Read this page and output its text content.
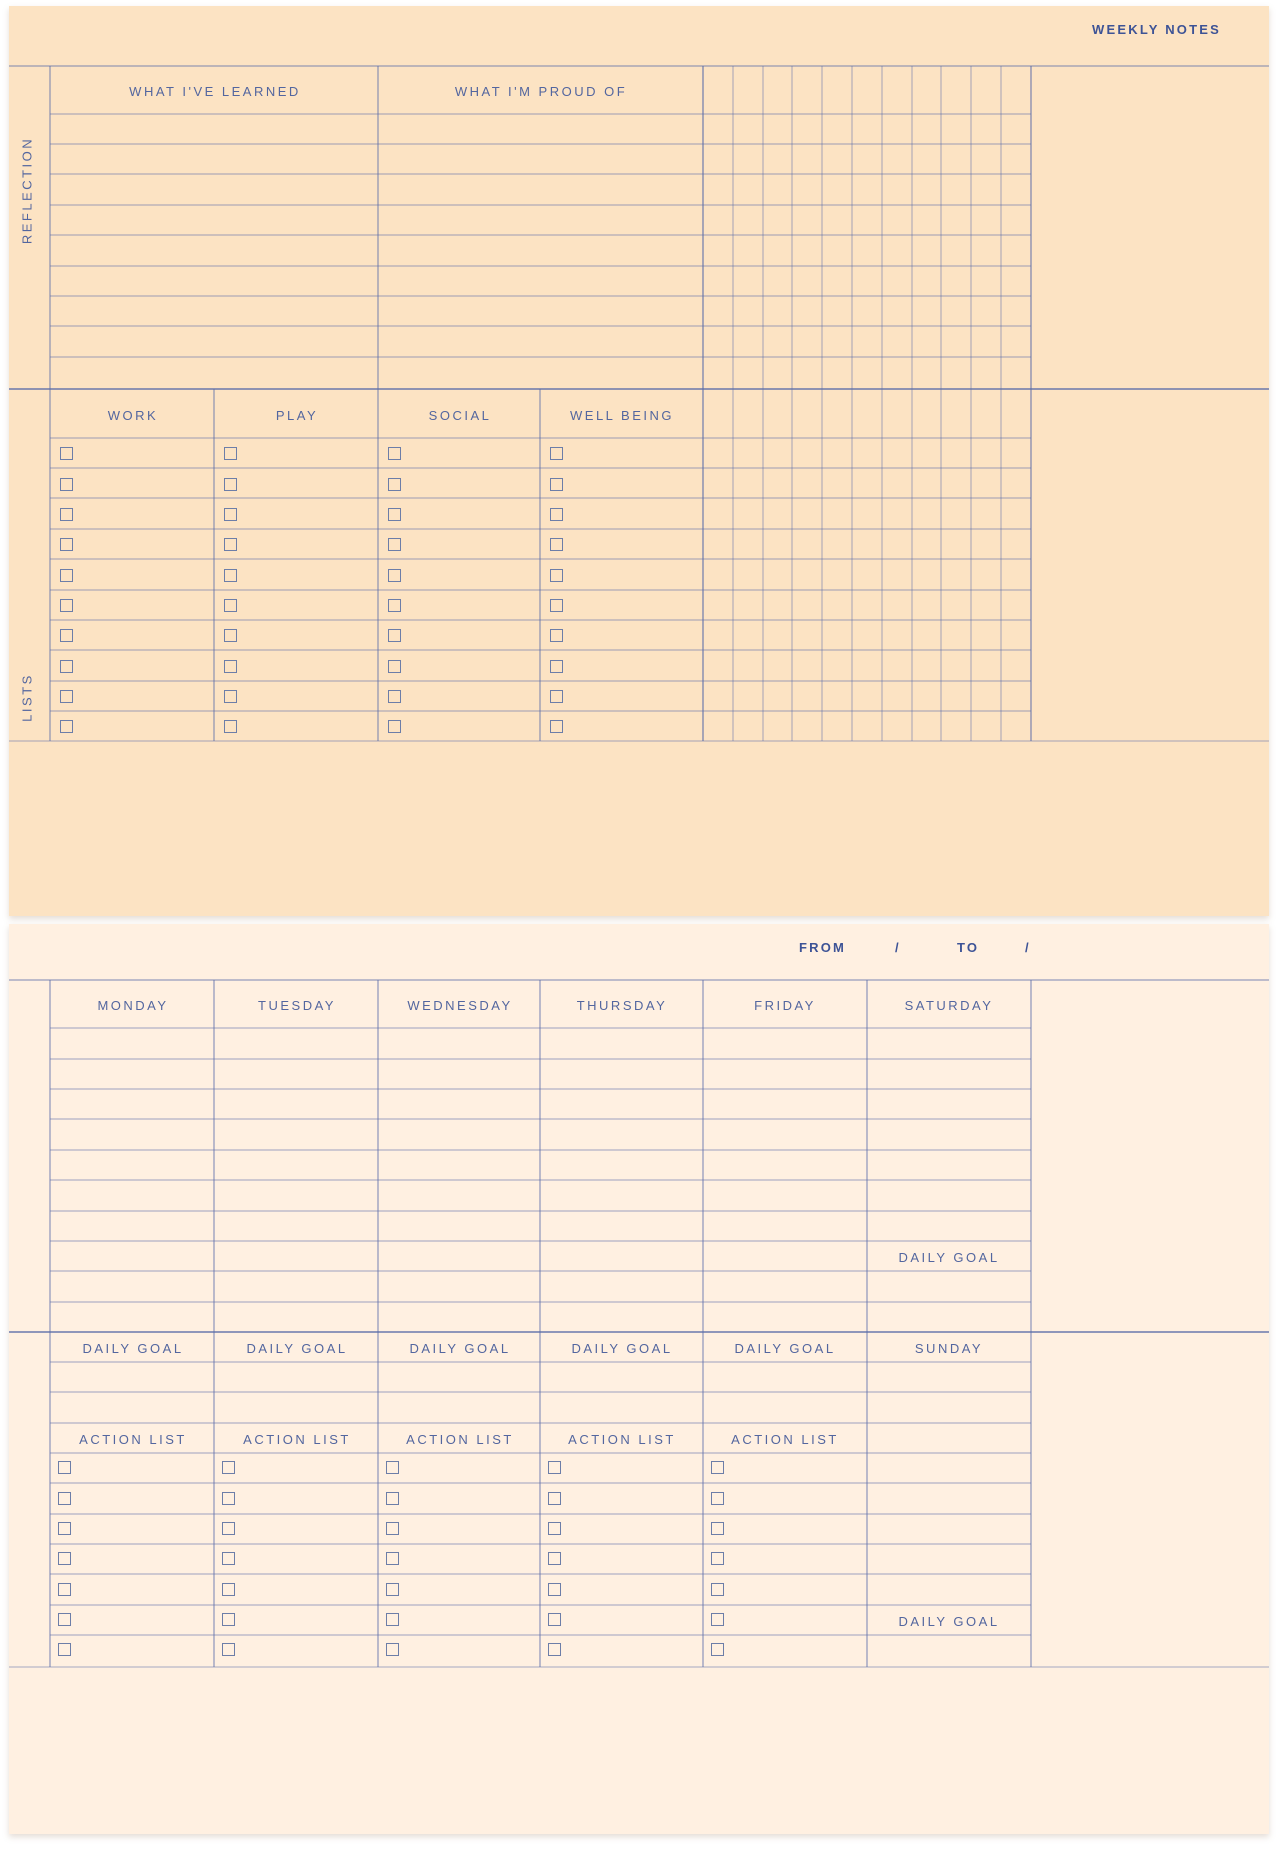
WEEKLY NOTES
REFLECTION
LISTS
WHAT I'VE LEARNED	WHAT I'M PROUD OF
WORK	PLAY	SOCIAL	WELL BEING
FROM	/	TO	/
MONDAY	TUESDAY	WEDNESDAY	THURSDAY	FRIDAY	SATURDAY
DAILY GOAL
DAILY GOAL	DAILY GOAL	DAILY GOAL	DAILY GOAL	DAILY GOAL	SUNDAY
ACTION LIST	ACTION LIST	ACTION LIST	ACTION LIST	ACTION LIST
DAILY GOAL
